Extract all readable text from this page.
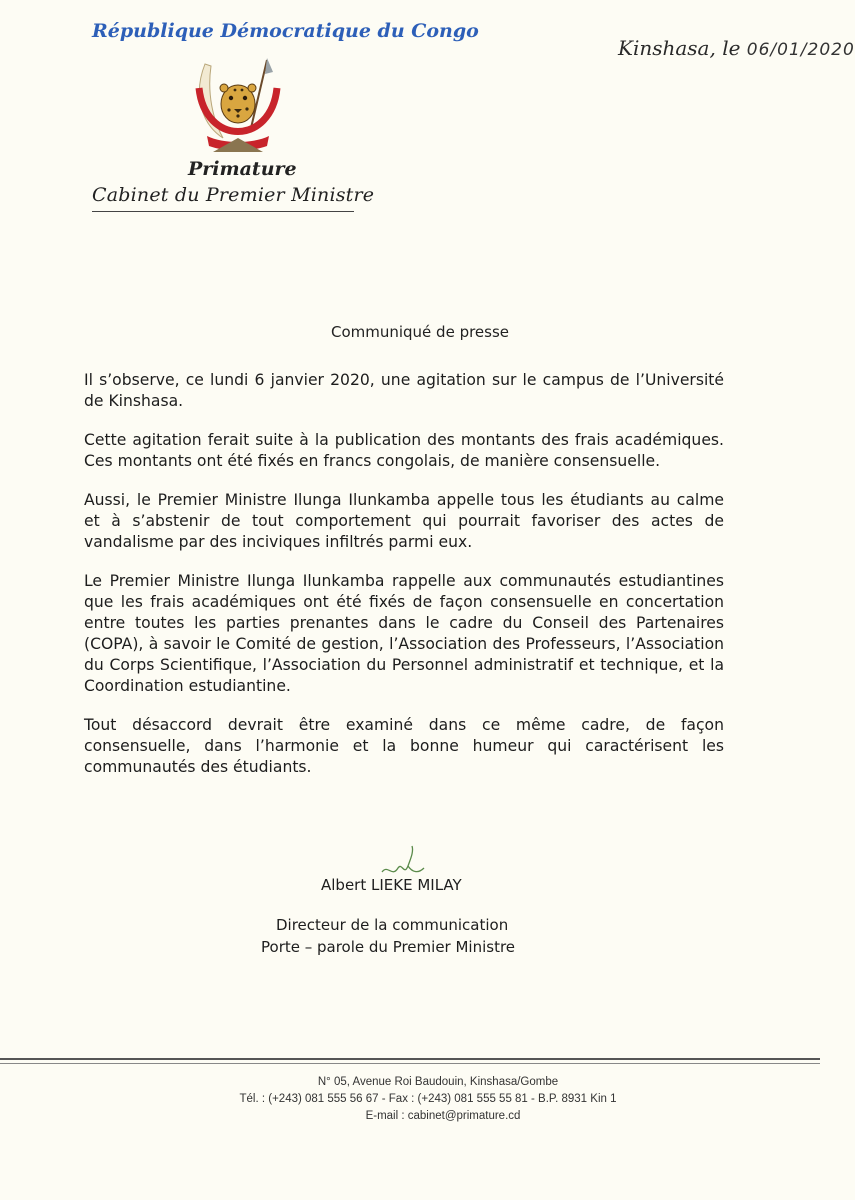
République Démocratique du Congo
Kinshasa, le 06/01/2020
Primature
Cabinet du Premier Ministre
Communiqué de presse

Il s’observe, ce lundi 6 janvier 2020, une agitation sur le campus de l’Université de Kinshasa.

Cette agitation ferait suite à la publication des montants des frais académiques. Ces montants ont été fixés en francs congolais, de manière consensuelle.

Aussi, le Premier Ministre Ilunga Ilunkamba appelle tous les étudiants au calme et à s’abstenir de tout comportement qui pourrait favoriser des actes de vandalisme par des inciviques infiltrés parmi eux.

Le Premier Ministre Ilunga Ilunkamba rappelle aux communautés estudiantines que les frais académiques ont été fixés de façon consensuelle en concertation entre toutes les parties prenantes dans le cadre du Conseil des Partenaires (COPA), à savoir le Comité de gestion, l’Association des Professeurs, l’Association du Corps Scientifique, l’Association du Personnel administratif et technique, et la Coordination estudiantine.

Tout désaccord devrait être examiné dans ce même cadre, de façon consensuelle, dans l’harmonie et la bonne humeur qui caractérisent les communautés des étudiants.

Albert LIEKE MILAY
Directeur de la communication
Porte – parole du Premier Ministre
N° 05, Avenue Roi Baudouin, Kinshasa/Gombe
Tél. : (+243) 081 555 56 67 - Fax : (+243) 081 555 55 81 - B.P. 8931 Kin 1
E-mail : cabinet@primature.cd
